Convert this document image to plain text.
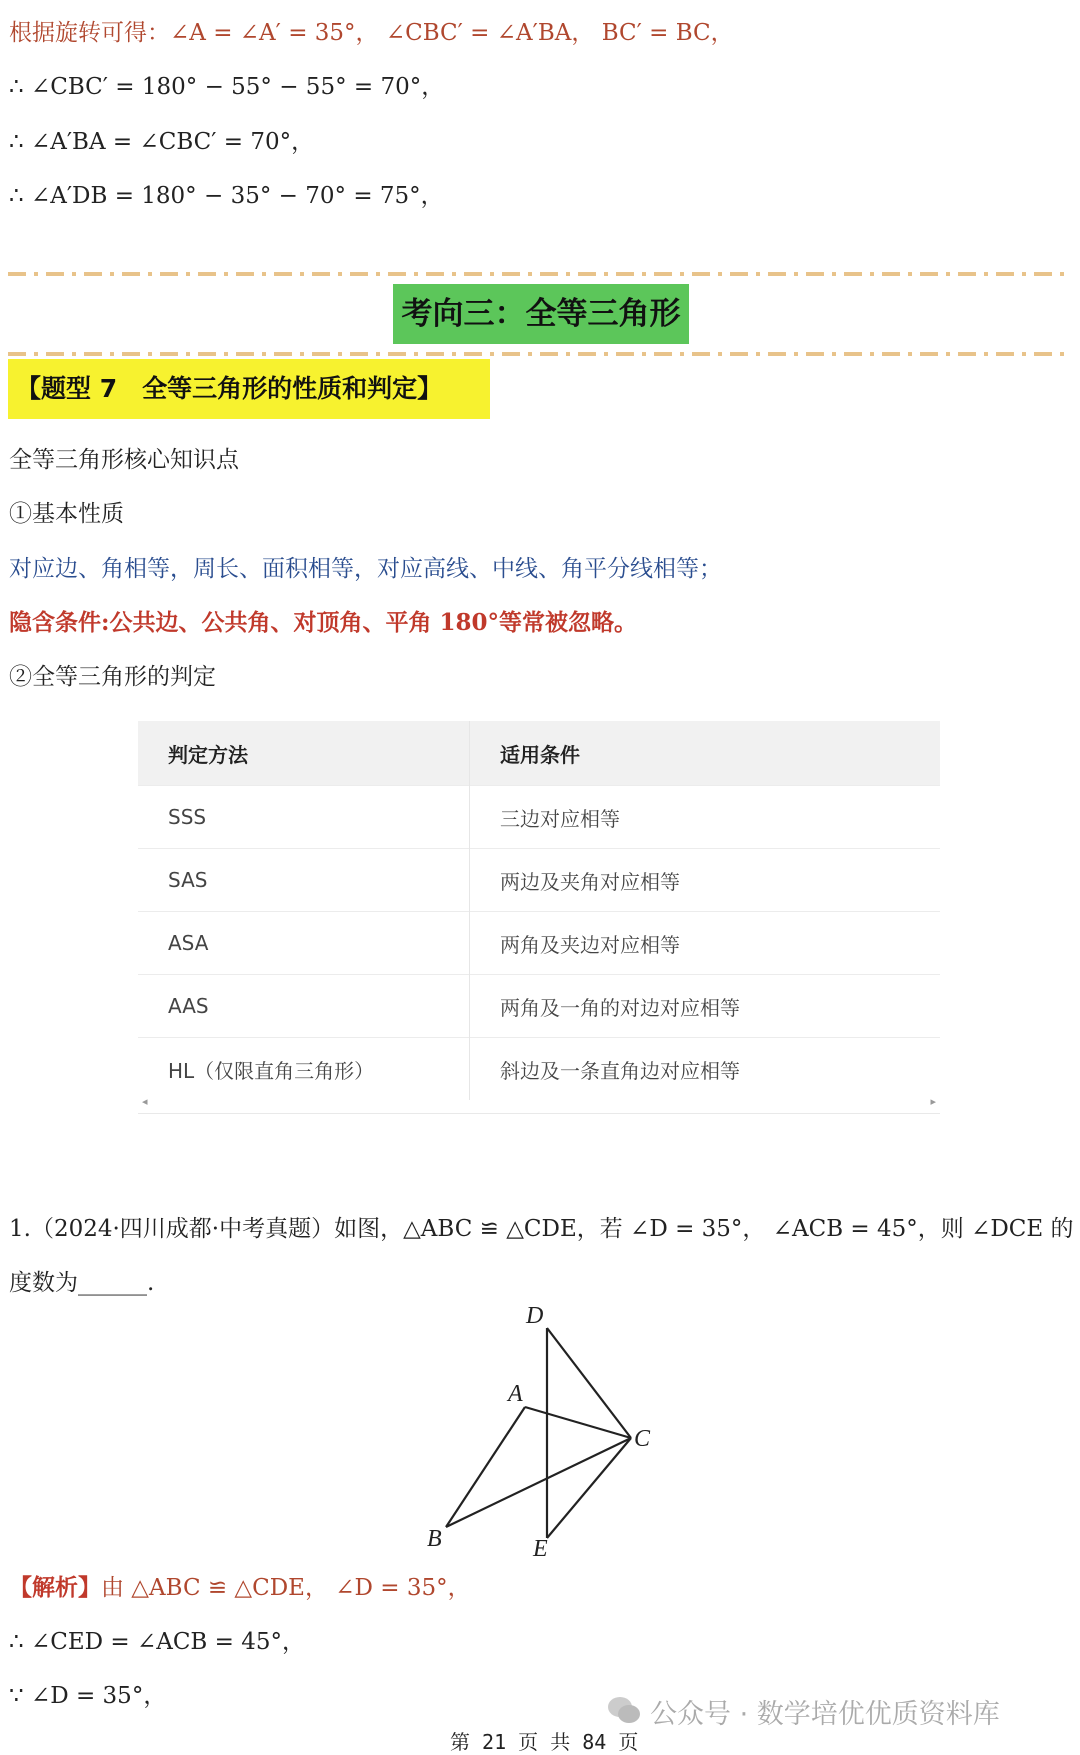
根据旋转可得：∠A = ∠A′ = 35°， ∠CBC′ = ∠A′BA， BC′ = BC，
∴ ∠CBC′ = 180° − 55° − 55° = 70°，
∴ ∠A′BA = ∠CBC′ = 70°，
∴ ∠A′DB = 180° − 35° − 70° = 75°，
考向三：全等三角形
【题型 7　全等三角形的性质和判定】
全等三角形核心知识点
①基本性质
对应边、角相等，周长、面积相等，对应高线、中线、角平分线相等；
隐含条件:公共边、公共角、对顶角、平角 180°等常被忽略。
②全等三角形的判定
判定方法	适用条件
SSS	三边对应相等
SAS	两边及夹角对应相等
ASA	两角及夹边对应相等
AAS	两角及一角的对边对应相等
HL（仅限直角三角形）	斜边及一条直角边对应相等
◂	▸
1.（2024·四川成都·中考真题）如图，△ABC ≌ △CDE，若 ∠D = 35°， ∠ACB = 45°，则 ∠DCE 的
度数为______.
D
A
C
B	E
【解析】由 △ABC ≌ △CDE， ∠D = 35°，
∴ ∠CED = ∠ACB = 45°，
∵ ∠D = 35°，
公众号 · 数学培优优质资料库
第 21 页 共 84 页
